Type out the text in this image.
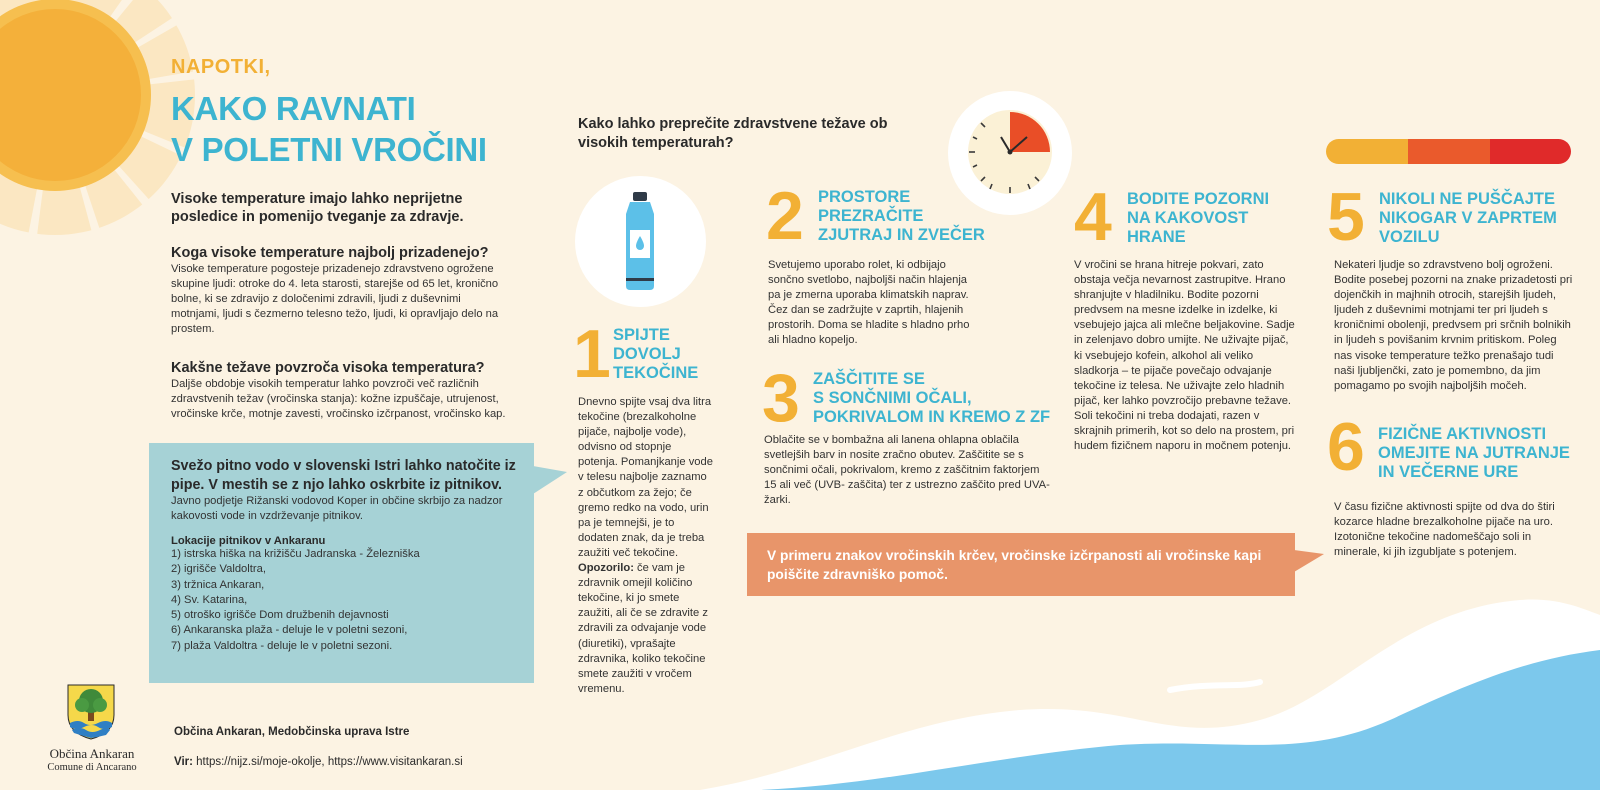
NAPOTKI,
KAKO RAVNATI
V POLETNI VROČINI
Visoke temperature imajo lahko neprijetne posledice in pomenijo tveganje za zdravje.
Koga visoke temperature najbolj prizadenejo?
Visoke temperature pogosteje prizadenejo zdravstveno ogrožene skupine ljudi: otroke do 4. leta starosti, starejše od 65 let, kronično bolne, ki se zdravijo z določenimi zdravili, ljudi z duševnimi motnjami, ljudi s čezmerno telesno težo, ljudi, ki opravljajo delo na prostem.
Kakšne težave povzroča visoka temperatura?
Daljše obdobje visokih temperatur lahko povzroči več različnih zdravstvenih težav (vročinska stanja): kožne izpuščaje, utrujenost, vročinske krče, motnje zavesti, vročinsko izčrpanost, vročinsko kap.
Svežo pitno vodo v slovenski Istri lahko natočite iz pipe. V mestih se z njo lahko oskrbite iz pitnikov.
Javno podjetje Rižanski vodovod Koper in občine skrbijo za nadzor kakovosti vode in vzdrževanje pitnikov.
Lokacije pitnikov v Ankaranu
1) istrska hiška na križišču Jadranska - Železniška
2) igrišče Valdoltra,
3) tržnica Ankaran,
4) Sv. Katarina,
5) otroško igrišče Dom družbenih dejavnosti
6) Ankaranska plaža - deluje le v poletni sezoni,
7) plaža Valdoltra - deluje le v poletni sezoni.
Kako lahko preprečite zdravstvene težave ob visokih temperaturah?
1 SPIJTE
DOVOLJ
TEKOČINE
Dnevno spijte vsaj dva litra tekočine (brezalkoholne pijače, najbolje vode), odvisno od stopnje potenja. Pomanjkanje vode v telesu najbolje zaznamo z občutkom za žejo; če gremo redko na vodo, urin pa je temnejši, je to dodaten znak, da je treba zaužiti več tekočine.
Opozorilo: če vam je zdravnik omejil količino tekočine, ki jo smete zaužiti, ali če se zdravite z zdravili za odvajanje vode (diuretiki), vprašajte zdravnika, koliko tekočine smete zaužiti v vročem vremenu.
2 PROSTORE
PREZRAČITE
ZJUTRAJ IN ZVEČER
Svetujemo uporabo rolet, ki odbijajo sončno svetlobo, najboljši način hlajenja pa je zmerna uporaba klimatskih naprav. Čez dan se zadržujte v zaprtih, hlajenih prostorih. Doma se hladite s hladno prho ali hladno kopeljo.
3 ZAŠČITITE SE
S SONČNIMI OČALI,
POKRIVALOM IN KREMO Z ZF
Oblačite se v bombažna ali lanena ohlapna oblačila svetlejših barv in nosite zračno obutev. Zaščitite se s sončnimi očali, pokrivalom, kremo z zaščitnim faktorjem 15 ali več (UVB- zaščita) ter z ustrezno zaščito pred UVA-žarki.
4 BODITE POZORNI
NA KAKOVOST
HRANE
V vročini se hrana hitreje pokvari, zato obstaja večja nevarnost zastrupitve. Hrano shranjujte v hladilniku. Bodite pozorni predvsem na mesne izdelke in izdelke, ki vsebujejo jajca ali mlečne beljakovine. Sadje in zelenjavo dobro umijte. Ne uživajte pijač, ki vsebujejo kofein, alkohol ali veliko sladkorja – te pijače povečajo odvajanje tekočine iz telesa. Ne uživajte zelo hladnih pijač, ker lahko povzročijo prebavne težave. Soli tekočini ni treba dodajati, razen v skrajnih primerih, kot so delo na prostem, pri hudem fizičnem naporu in močnem potenju.
5 NIKOLI NE PUŠČAJTE
NIKOGAR V ZAPRTEM
VOZILU
Nekateri ljudje so zdravstveno bolj ogroženi. Bodite posebej pozorni na znake prizadetosti pri dojenčkih in majhnih otrocih, starejših ljudeh, ljudeh z duševnimi motnjami ter pri ljudeh s kroničnimi obolenji, predvsem pri srčnih bolnikih in ljudeh s povišanim krvnim pritiskom. Poleg nas visoke temperature težko prenašajo tudi naši ljubljenčki, zato je pomembno, da jim pomagamo po svojih najboljših močeh.
6 FIZIČNE AKTIVNOSTI
OMEJITE NA JUTRANJE
IN VEČERNE URE
V času fizične aktivnosti spijte od dva do štiri kozarce hladne brezalkoholne pijače na uro. Izotonične tekočine nadomeščajo soli in minerale, ki jih izgubljate s potenjem.
V primeru znakov vročinskih krčev, vročinske izčrpanosti ali vročinske kapi poiščite zdravniško pomoč.
Občina Ankaran
Comune di Ancarano
Občina Ankaran, Medobčinska uprava Istre
Vir: https://nijz.si/moje-okolje, https://www.visitankaran.si
